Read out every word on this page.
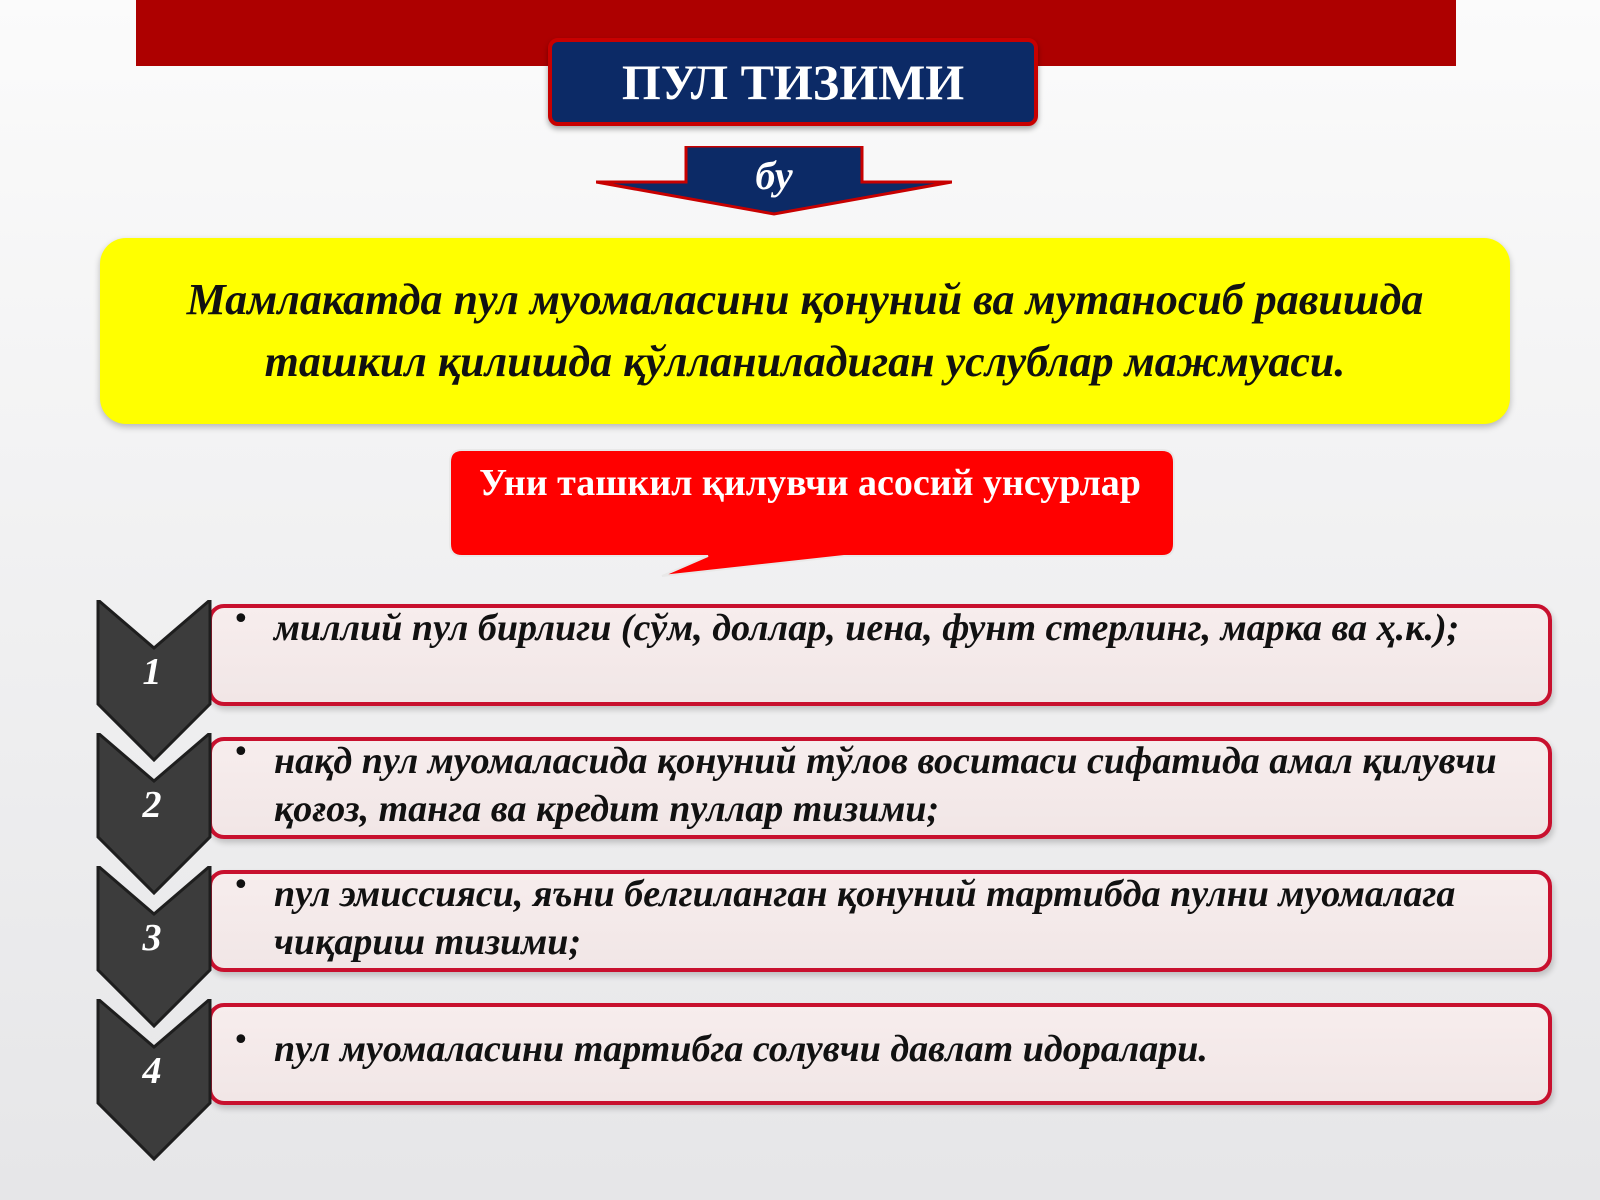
ПУЛ ТИЗИМИ
бу
Мамлакатда пул муомаласини қонуний ва мутаносиб равишда ташкил қилишда қўлланиладиган услублар мажмуаси.
Уни ташкил қилувчи асосий унсурлар
1
• миллий пул бирлиги (сўм, доллар, иена, фунт стерлинг, марка ва ҳ.к.);
2
• нақд пул муомаласида қонуний тўлов воситаси сифатида амал қилувчи қоғоз, танга ва кредит пуллар тизими;
3
• пул эмиссияси, яъни белгиланган қонуний тартибда пулни муомалага чиқариш тизими;
4
• пул муомаласини тартибга солувчи давлат идоралари.
